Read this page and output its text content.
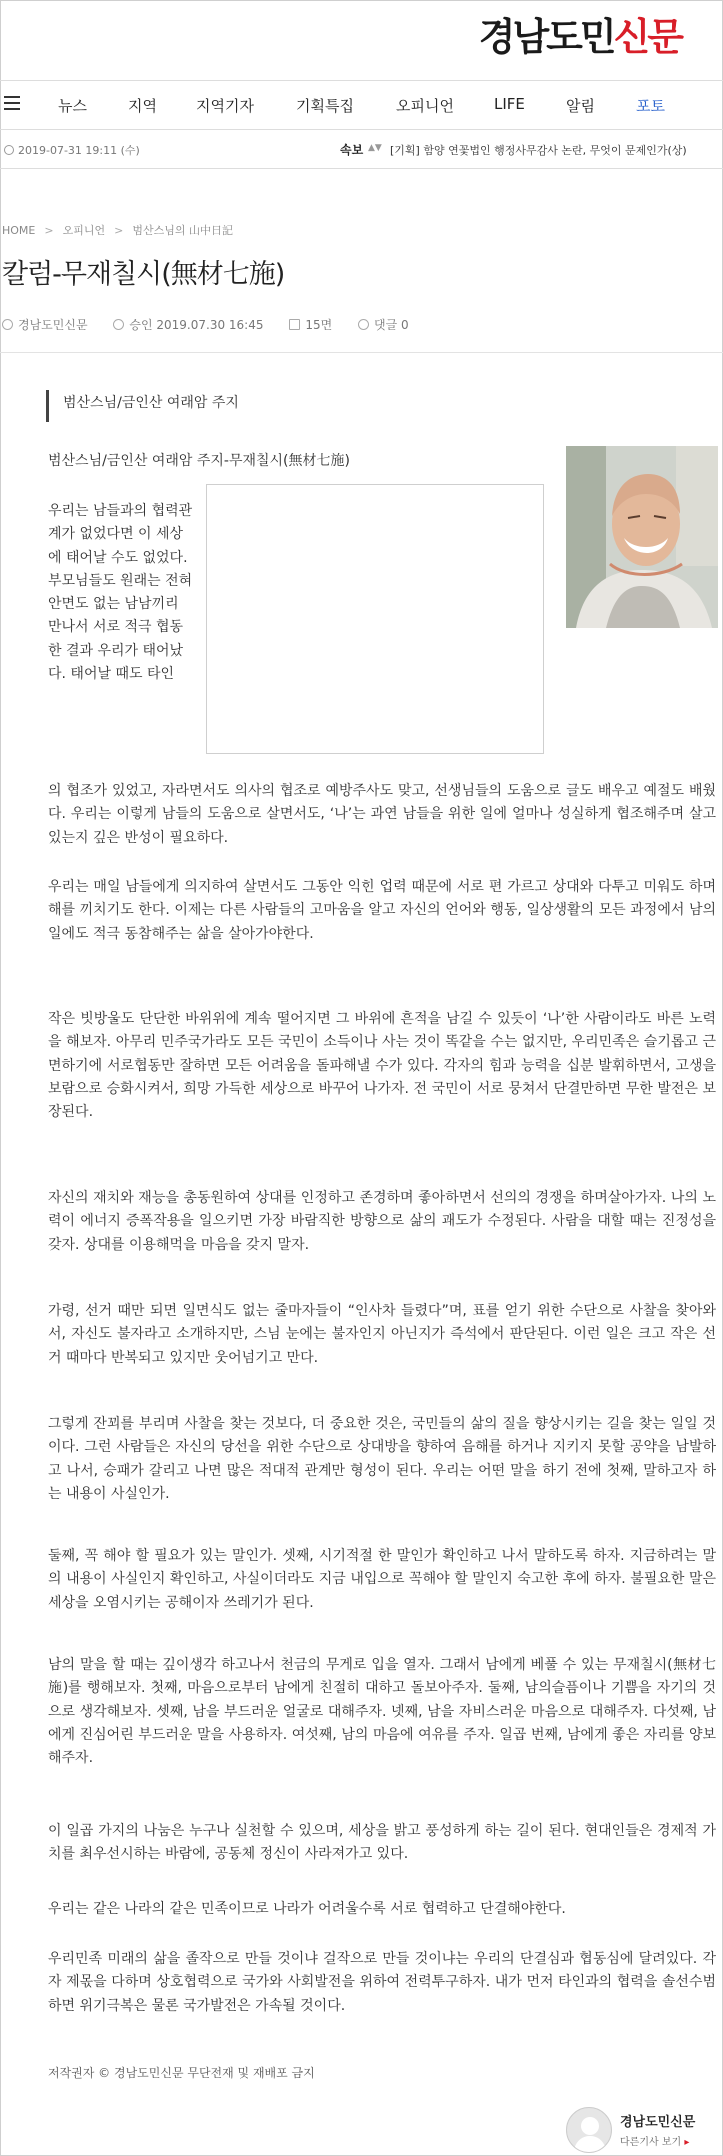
경남도민신문
뉴스	지역	지역기자	기획특집	오피니언	LIFE	알림	포토
2019-07-31 19:11 (수)	속보 ▲▼ [기획] 함양 연꽃법인 행정사무감사 논란, 무엇이 문제인가(상)
HOME > 오피니언 > 범산스님의 山中日記
칼럼-무재칠시(無材七施)
경남도민신문	승인 2019.07.30 16:45	15면	댓글 0
범산스님/금인산 여래암 주지
범산스님/금인산 여래암 주지-무재칠시(無材七施)
우리는 남들과의 협력관계가 없었다면 이 세상에 태어날 수도 없었다. 부모님들도 원래는 전혀 안면도 없는 남남끼리 만나서 서로 적극 협동한 결과 우리가 태어났다. 태어날 때도 타인
의 협조가 있었고, 자라면서도 의사의 협조로 예방주사도 맞고, 선생님들의 도움으로 글도 배우고 예절도 배웠다. 우리는 이렇게 남들의 도움으로 살면서도, ‘나’는 과연 남들을 위한 일에 얼마나 성실하게 협조해주며 살고 있는지 깊은 반성이 필요하다.
우리는 매일 남들에게 의지하여 살면서도 그동안 익힌 업력 때문에 서로 편 가르고 상대와 다투고 미워도 하며 해를 끼치기도 한다. 이제는 다른 사람들의 고마움을 알고 자신의 언어와 행동, 일상생활의 모든 과정에서 남의 일에도 적극 동참해주는 삶을 살아가야한다.
작은 빗방울도 단단한 바위위에 계속 떨어지면 그 바위에 흔적을 남길 수 있듯이 ‘나’한 사람이라도 바른 노력을 해보자. 아무리 민주국가라도 모든 국민이 소득이나 사는 것이 똑같을 수는 없지만, 우리민족은 슬기롭고 근면하기에 서로협동만 잘하면 모든 어려움을 돌파해낼 수가 있다. 각자의 힘과 능력을 십분 발휘하면서, 고생을 보람으로 승화시켜서, 희망 가득한 세상으로 바꾸어 나가자. 전 국민이 서로 뭉쳐서 단결만하면 무한 발전은 보장된다.
자신의 재치와 재능을 총동원하여 상대를 인정하고 존경하며 좋아하면서 선의의 경쟁을 하며살아가자. 나의 노력이 에너지 증폭작용을 일으키면 가장 바람직한 방향으로 삶의 괘도가 수정된다. 사람을 대할 때는 진정성을 갖자. 상대를 이용해먹을 마음을 갖지 말자.
가령, 선거 때만 되면 일면식도 없는 줄마자들이 “인사차 들렸다”며, 표를 얻기 위한 수단으로 사찰을 찾아와서, 자신도 불자라고 소개하지만, 스님 눈에는 불자인지 아닌지가 즉석에서 판단된다. 이런 일은 크고 작은 선거 때마다 반복되고 있지만 웃어넘기고 만다.
그렇게 잔꾀를 부리며 사찰을 찾는 것보다, 더 중요한 것은, 국민들의 삶의 질을 향상시키는 길을 찾는 일일 것이다. 그런 사람들은 자신의 당선을 위한 수단으로 상대방을 향하여 음해를 하거나 지키지 못할 공약을 남발하고 나서, 승패가 갈리고 나면 많은 적대적 관계만 형성이 된다. 우리는 어떤 말을 하기 전에 첫째, 말하고자 하는 내용이 사실인가.
둘째, 꼭 해야 할 필요가 있는 말인가. 셋째, 시기적절 한 말인가 확인하고 나서 말하도록 하자. 지금하려는 말의 내용이 사실인지 확인하고, 사실이더라도 지금 내입으로 꼭해야 할 말인지 숙고한 후에 하자. 불필요한 말은 세상을 오염시키는 공해이자 쓰레기가 된다.
남의 말을 할 때는 깊이생각 하고나서 천금의 무게로 입을 열자. 그래서 남에게 베풀 수 있는 무재칠시(無材七施)를 행해보자. 첫째, 마음으로부터 남에게 친절히 대하고 돌보아주자. 둘째, 남의슬픔이나 기쁨을 자기의 것으로 생각해보자. 셋째, 남을 부드러운 얼굴로 대해주자. 넷째, 남을 자비스러운 마음으로 대해주자. 다섯째, 남에게 진심어린 부드러운 말을 사용하자. 여섯째, 남의 마음에 여유를 주자. 일곱 번째, 남에게 좋은 자리를 양보해주자.
이 일곱 가지의 나눔은 누구나 실천할 수 있으며, 세상을 밝고 풍성하게 하는 길이 된다. 현대인들은 경제적 가치를 최우선시하는 바람에, 공동체 정신이 사라져가고 있다.
우리는 같은 나라의 같은 민족이므로 나라가 어려울수록 서로 협력하고 단결해야한다.
우리민족 미래의 삶을 졸작으로 만들 것이냐 걸작으로 만들 것이냐는 우리의 단결심과 협동심에 달려있다. 각자 제몫을 다하며 상호협력으로 국가와 사회발전을 위하여 전력투구하자. 내가 먼저 타인과의 협력을 솔선수범하면 위기극복은 물론 국가발전은 가속될 것이다.
저작권자 © 경남도민신문 무단전재 및 재배포 금지
경남도민신문
다른기사 보기 ▸
